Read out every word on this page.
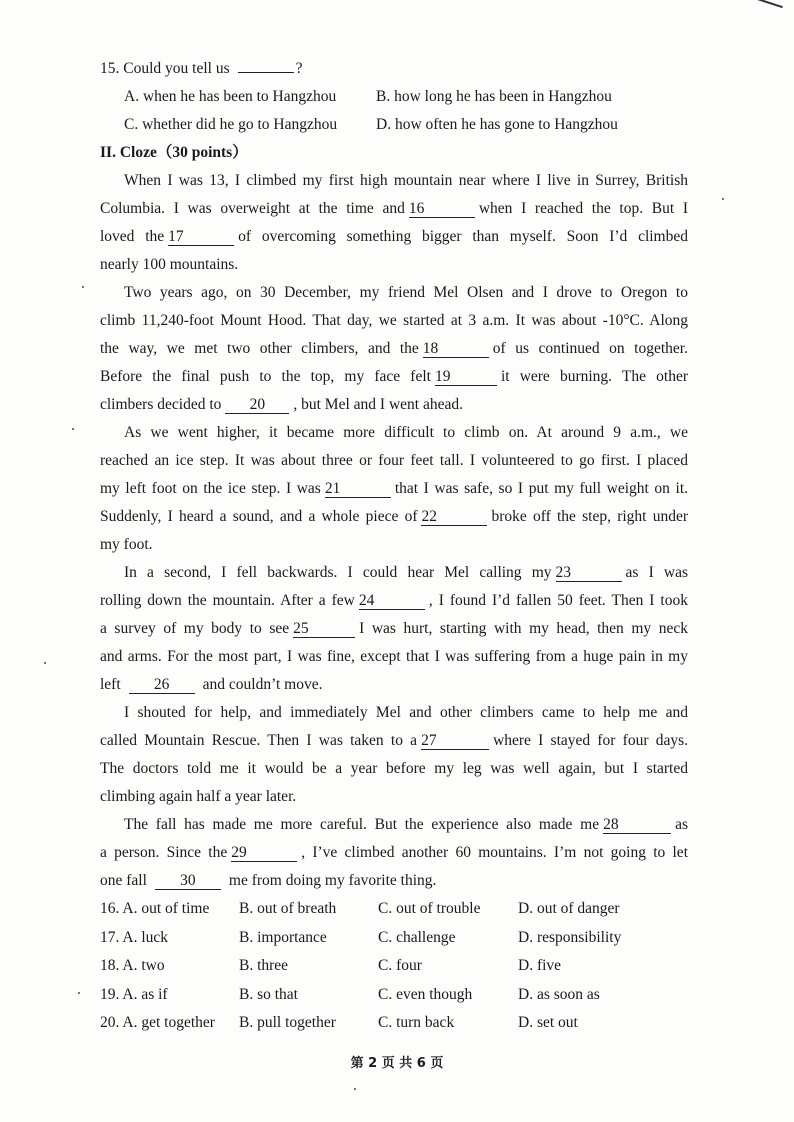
15. Could you tell us	?
A. when he has been to Hangzhou	B. how long he has been in Hangzhou
C. whether did he go to Hangzhou	D. how often he has gone to Hangzhou
II. Cloze（30 points）
When I was 13, I climbed my first high mountain near where I live in Surrey, British
Columbia. I was overweight at the time and 16	when I reached the top. But I
loved the 17	of overcoming something bigger than myself. Soon I’d climbed
nearly 100 mountains.
Two years ago, on 30 December, my friend Mel Olsen and I drove to Oregon to
climb 11,240-foot Mount Hood. That day, we started at 3 a.m. It was about -10°C. Along
the way, we met two other climbers, and the 18	of us continued on together.
Before the final push to the top, my face felt 19	it were burning. The other
climbers decided to 20 , but Mel and I went ahead.
As we went higher, it became more difficult to climb on. At around 9 a.m., we
reached an ice step. It was about three or four feet tall. I volunteered to go first. I placed
my left foot on the ice step. I was 21	that I was safe, so I put my full weight on it.
Suddenly, I heard a sound, and a whole piece of 22	broke off the step, right under
my foot.
In a second, I fell backwards. I could hear Mel calling my 23	as I was
rolling down the mountain. After a few 24	, I found I’d fallen 50 feet. Then I took
a survey of my body to see 25	I was hurt, starting with my head, then my neck
and arms. For the most part, I was fine, except that I was suffering from a huge pain in my
left 26 and couldn’t move.
I shouted for help, and immediately Mel and other climbers came to help me and
called Mountain Rescue. Then I was taken to a 27	where I stayed for four days.
The doctors told me it would be a year before my leg was well again, but I started
climbing again half a year later.
The fall has made me more careful. But the experience also made me 28	as
a person. Since the 29	, I’ve climbed another 60 mountains. I’m not going to let
one fall 30 me from doing my favorite thing.
16. A. out of time	B. out of breath	C. out of trouble	D. out of danger
17. A. luck	B. importance	C. challenge	D. responsibility
18. A. two	B. three	C. four	D. five
19. A. as if	B. so that	C. even though	D. as soon as
20. A. get together	B. pull together	C. turn back	D. set out
第 2 页 共 6 页
